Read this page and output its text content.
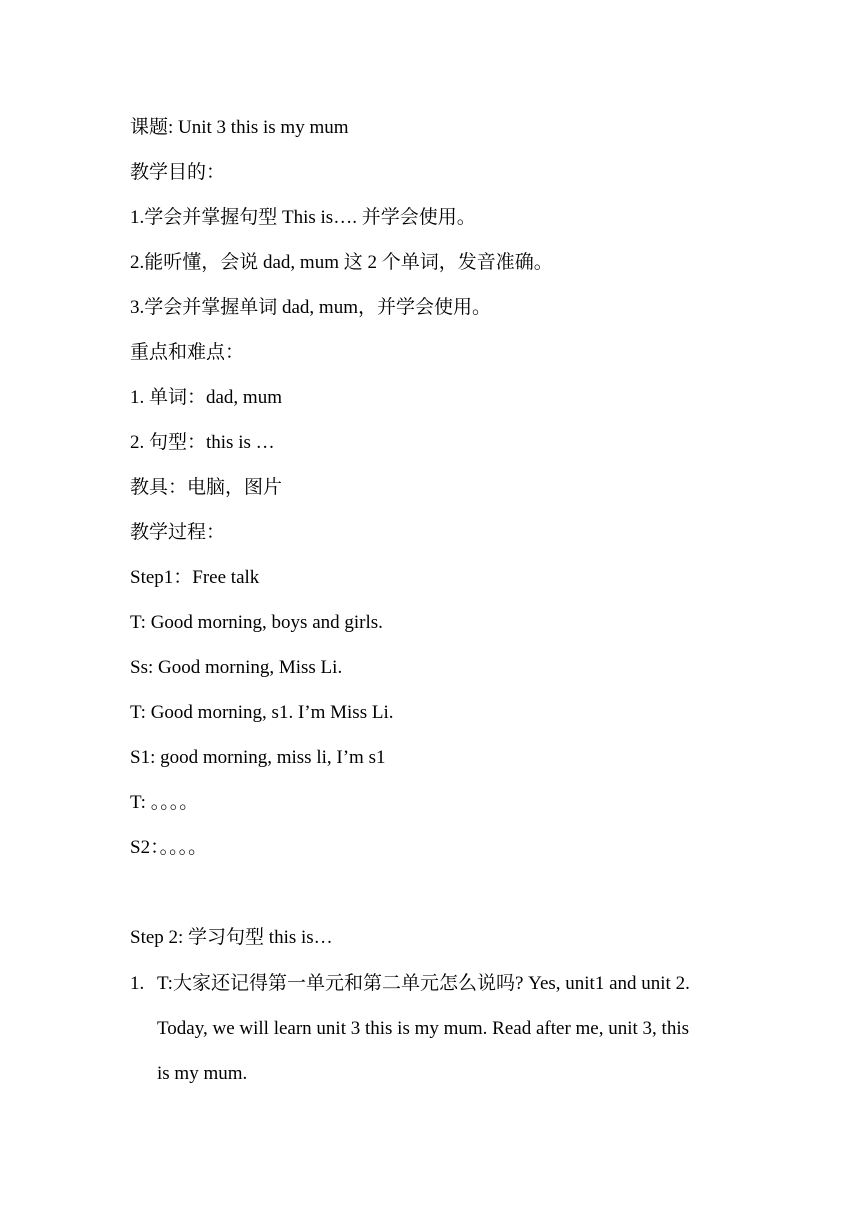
课题: Unit 3 this is my mum
教学目的：
1.学会并掌握句型 This is…. 并学会使用。
2.能听懂，会说 dad, mum 这 2 个单词，发音准确。
3.学会并掌握单词 dad, mum，并学会使用。
重点和难点：
1. 单词：dad, mum
2. 句型：this is …
教具：电脑，图片
教学过程：
Step1：Free talk
T: Good morning, boys and girls.
Ss: Good morning, Miss Li.
T: Good morning, s1. I’m Miss Li.
S1: good morning, miss li, I’m s1
T: 。。。。
S2：。。。。
Step 2: 学习句型 this is…
1. T:大家还记得第一单元和第二单元怎么说吗? Yes, unit1 and unit 2.
Today, we will learn unit 3 this is my mum. Read after me, unit 3, this
is my mum.
